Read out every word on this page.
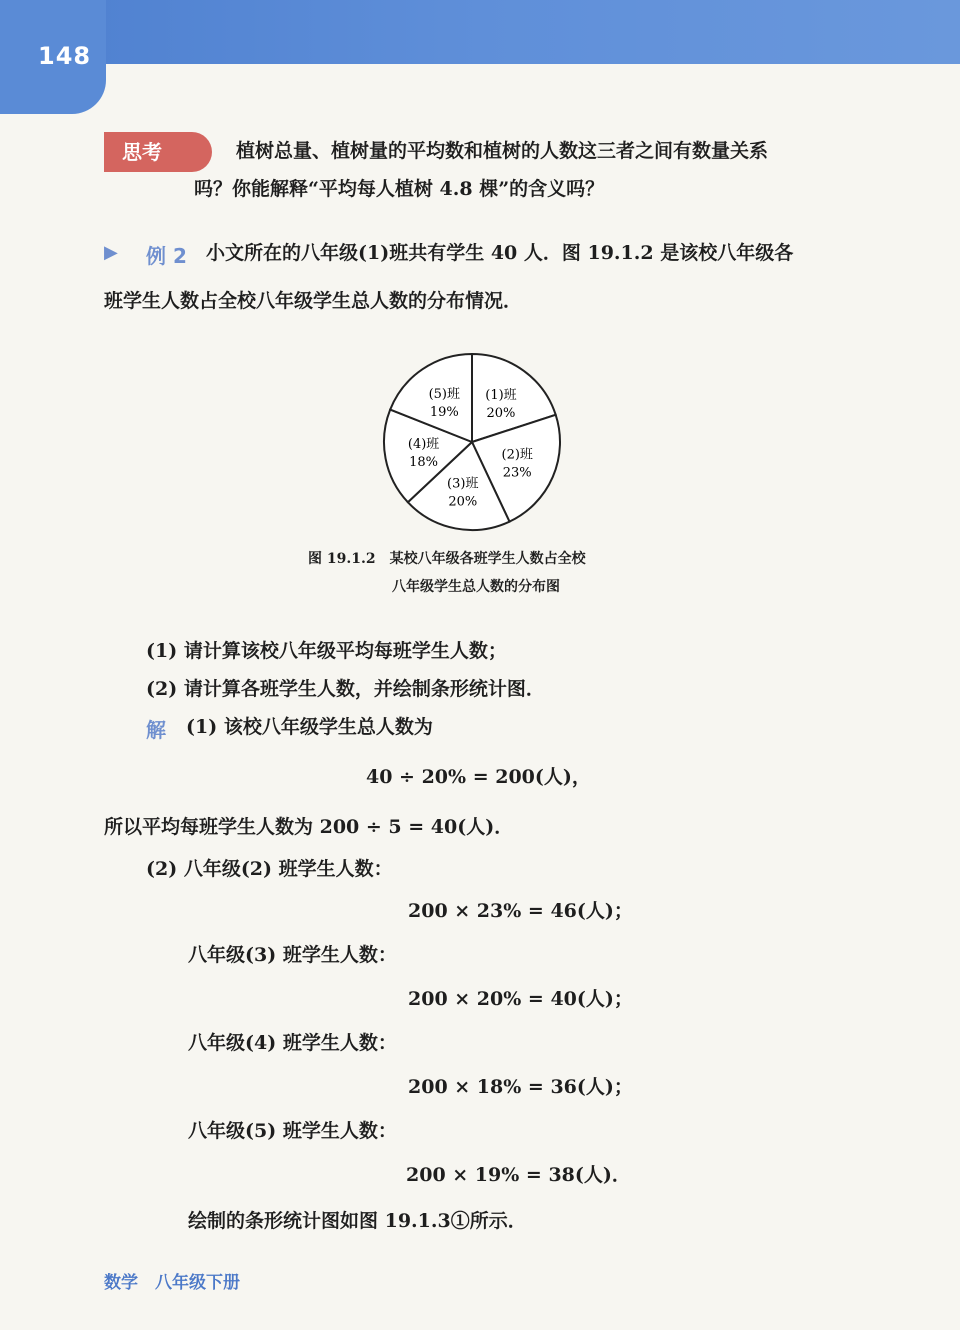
148
思考	植树总量、植树量的平均数和植树的人数这三者之间有数量关系
吗？你能解释“平均每人植树 4.8 棵”的含义吗？
▶ 例 2 小文所在的八年级(1)班共有学生 40 人．图 19.1.2 是该校八年级各
班学生人数占全校八年级学生总人数的分布情况．
(1)班
20%
(2)班
23%
(3)班
20%
(4)班
18%
(5)班
19%
图 19.1.2　某校八年级各班学生人数占全校
八年级学生总人数的分布图
(1) 请计算该校八年级平均每班学生人数；
(2) 请计算各班学生人数，并绘制条形统计图．
解 (1) 该校八年级学生总人数为
40 ÷ 20% = 200(人)，
所以平均每班学生人数为 200 ÷ 5 = 40(人)．
(2) 八年级(2) 班学生人数：
200 × 23% = 46(人)；
八年级(3) 班学生人数：
200 × 20% = 40(人)；
八年级(4) 班学生人数：
200 × 18% = 36(人)；
八年级(5) 班学生人数：
200 × 19% = 38(人)．
绘制的条形统计图如图 19.1.3①所示．
数学　八年级下册
